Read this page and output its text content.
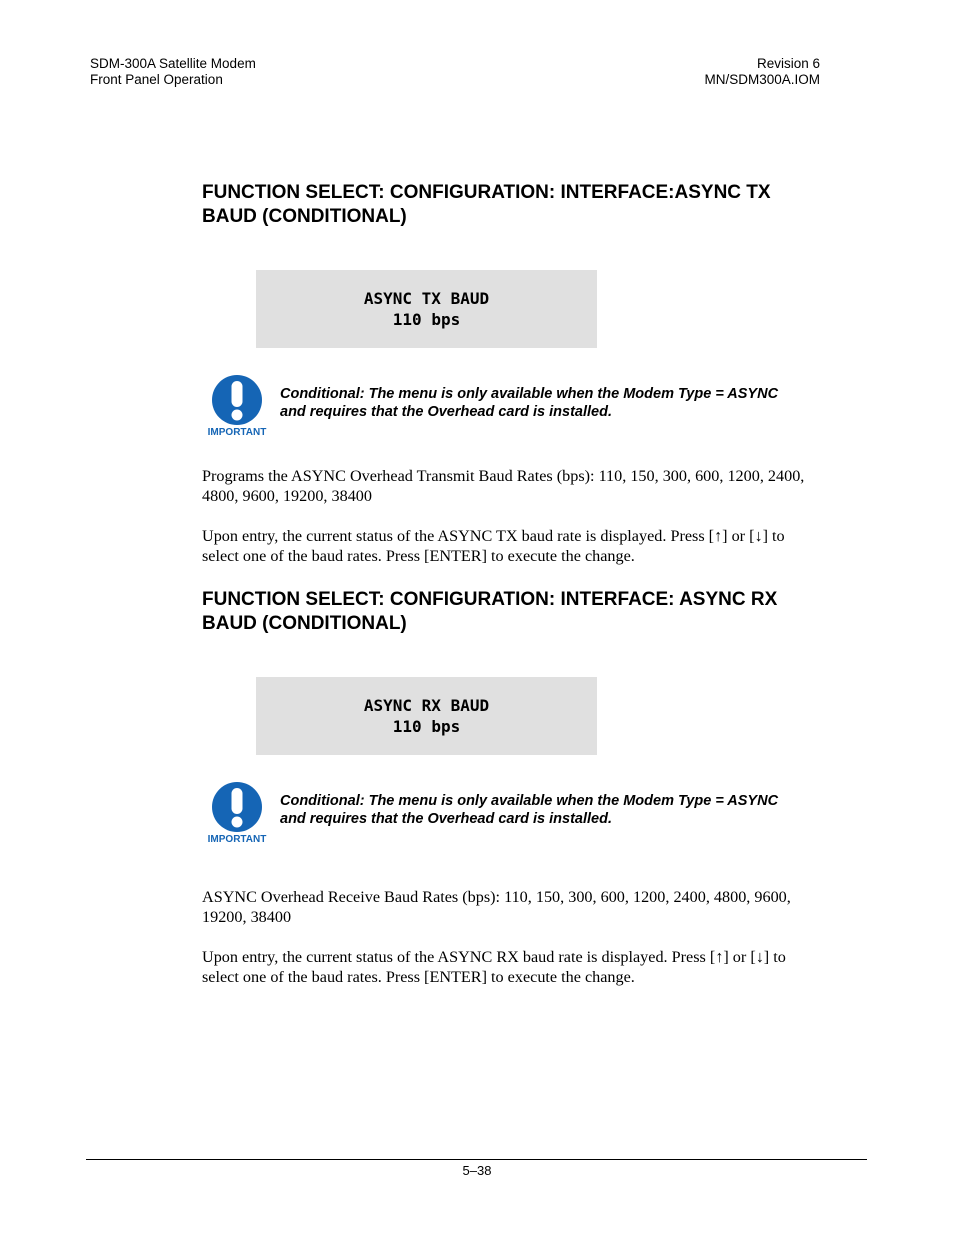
SDM-300A Satellite Modem
Front Panel Operation
Revision 6
MN/SDM300A.IOM
FUNCTION SELECT: CONFIGURATION: INTERFACE:ASYNC TX
BAUD (CONDITIONAL)
ASYNC TX BAUD
110 bps
IMPORTANT
Conditional: The menu is only available when the Modem Type = ASYNC and requires that the Overhead card is installed.

Programs the ASYNC Overhead Transmit Baud Rates (bps): 110, 150, 300, 600, 1200, 2400,
4800, 9600, 19200, 38400

Upon entry, the current status of the ASYNC TX baud rate is displayed. Press [↑] or [↓] to
select one of the baud rates. Press [ENTER] to execute the change.

FUNCTION SELECT: CONFIGURATION: INTERFACE: ASYNC RX
BAUD (CONDITIONAL)
ASYNC RX BAUD
110 bps
IMPORTANT
Conditional: The menu is only available when the Modem Type = ASYNC and requires that the Overhead card is installed.

ASYNC Overhead Receive Baud Rates (bps): 110, 150, 300, 600, 1200, 2400, 4800, 9600,
19200, 38400

Upon entry, the current status of the ASYNC RX baud rate is displayed. Press [↑] or [↓] to
select one of the baud rates. Press [ENTER] to execute the change.

5–38
